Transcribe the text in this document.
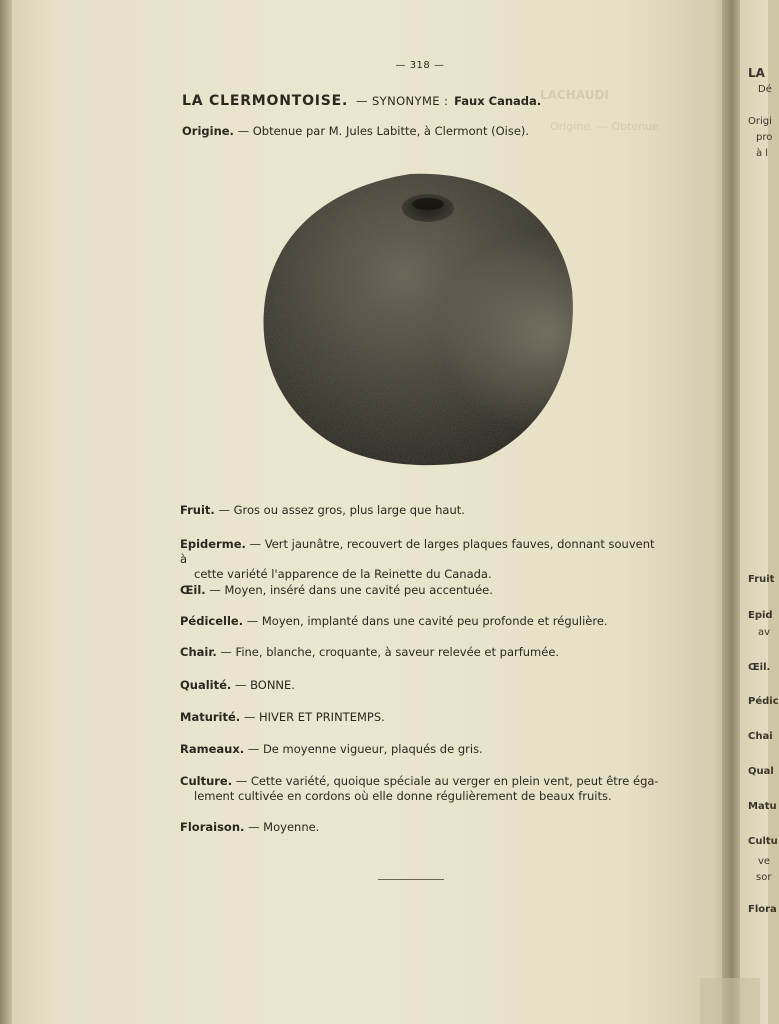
LACHAUDI
Origine. — Obtenue
— 318 —
LA CLERMONTOISE. — SYNONYME : Faux Canada.
Origine. — Obtenue par M. Jules Labitte, à Clermont (Oise).
Fruit. — Gros ou assez gros, plus large que haut.
Epiderme. — Vert jaunâtre, recouvert de larges plaques fauves, donnant souvent à
cette variété l'apparence de la Reinette du Canada.
Œil. — Moyen, inséré dans une cavité peu accentuée.
Pédicelle. — Moyen, implanté dans une cavité peu profonde et régulière.
Chair. — Fine, blanche, croquante, à saveur relevée et parfumée.
Qualité. — BONNE.
Maturité. — HIVER ET PRINTEMPS.
Rameaux. — De moyenne vigueur, plaqués de gris.
Culture. — Cette variété, quoique spéciale au verger en plein vent, peut être éga-
lement cultivée en cordons où elle donne régulièrement de beaux fruits.
Floraison. — Moyenne.
LA
Dé
Origi
pro
à l
Fruit
Epid
av
Œil.
Pédic
Chai
Qual
Matu
Cultu
ve
sor
Flora
